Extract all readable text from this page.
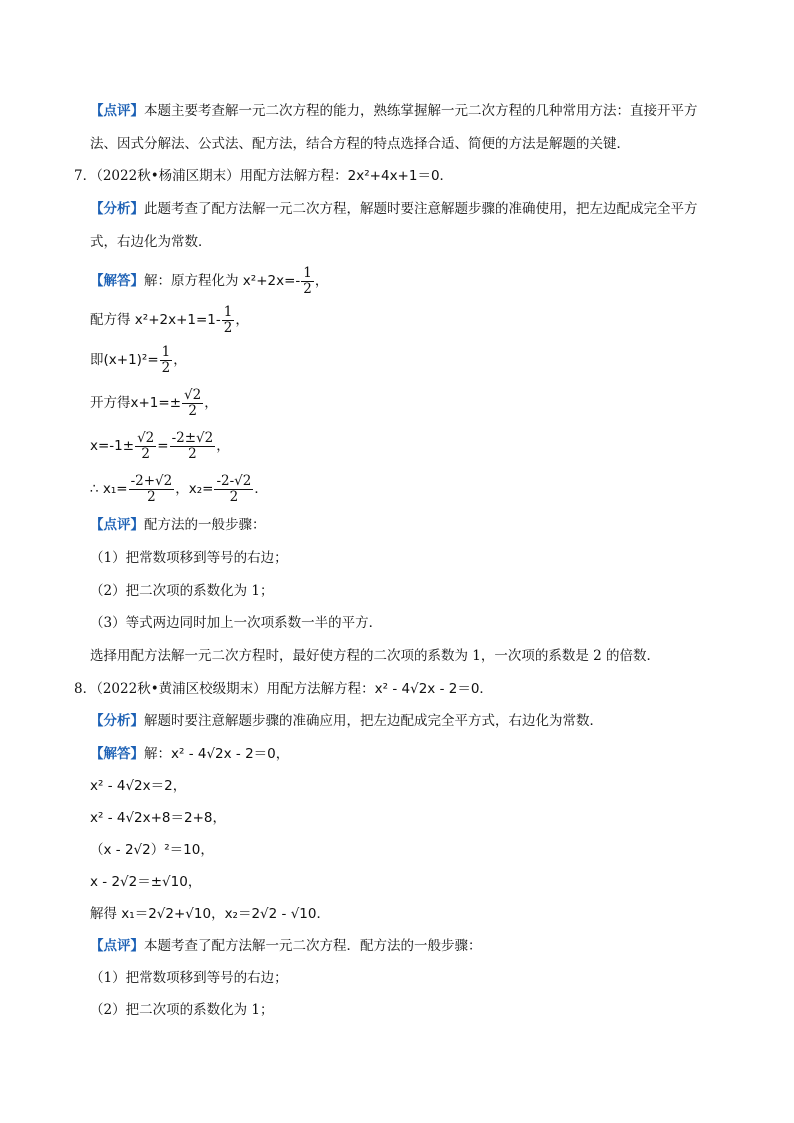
【点评】本题主要考查解一元二次方程的能力，熟练掌握解一元二次方程的几种常用方法：直接开平方
法、因式分解法、公式法、配方法，结合方程的特点选择合适、简便的方法是解题的关键．
7．（2022秋•杨浦区期末）用配方法解方程：2x²+4x+1＝0．
【分析】此题考查了配方法解一元二次方程，解题时要注意解题步骤的准确使用，把左边配成完全平方
式，右边化为常数．
【解答】解：原方程化为 $x^2+2x=- \frac{1}{2}$ ，
配方得 $x^2+2x+1=1- \frac{1}{2}$ ，
即$(x+1)^2= \frac{1}{2}$ ，
开方得$x+1=\pm \frac{√2}{2}$ ，
$x=-1\pm \frac{√2}{2} = \frac{-2\pm√2}{2}$ ，
∴ $x_1= \frac{-2+√2}{2}$ ，$x_2= \frac{-2-√2}{2}$ ．
【点评】配方法的一般步骤：
（1）把常数项移到等号的右边；
（2）把二次项的系数化为 1；
（3）等式两边同时加上一次项系数一半的平方．
选择用配方法解一元二次方程时，最好使方程的二次项的系数为 1，一次项的系数是 2 的倍数．
8．（2022秋•黄浦区校级期末）用配方法解方程：x² - 4√2x - 2＝0．
【分析】解题时要注意解题步骤的准确应用，把左边配成完全平方式，右边化为常数．
【解答】解：x² - 4√2x - 2＝0，
x² - 4√2x＝2，
x² - 4√2x+8＝2+8，
（x - 2√2）²＝10，
x - 2√2＝±√10，
解得 x₁＝2√2+√10，x₂＝2√2 - √10．
【点评】本题考查了配方法解一元二次方程．配方法的一般步骤：
（1）把常数项移到等号的右边；
（2）把二次项的系数化为 1；
